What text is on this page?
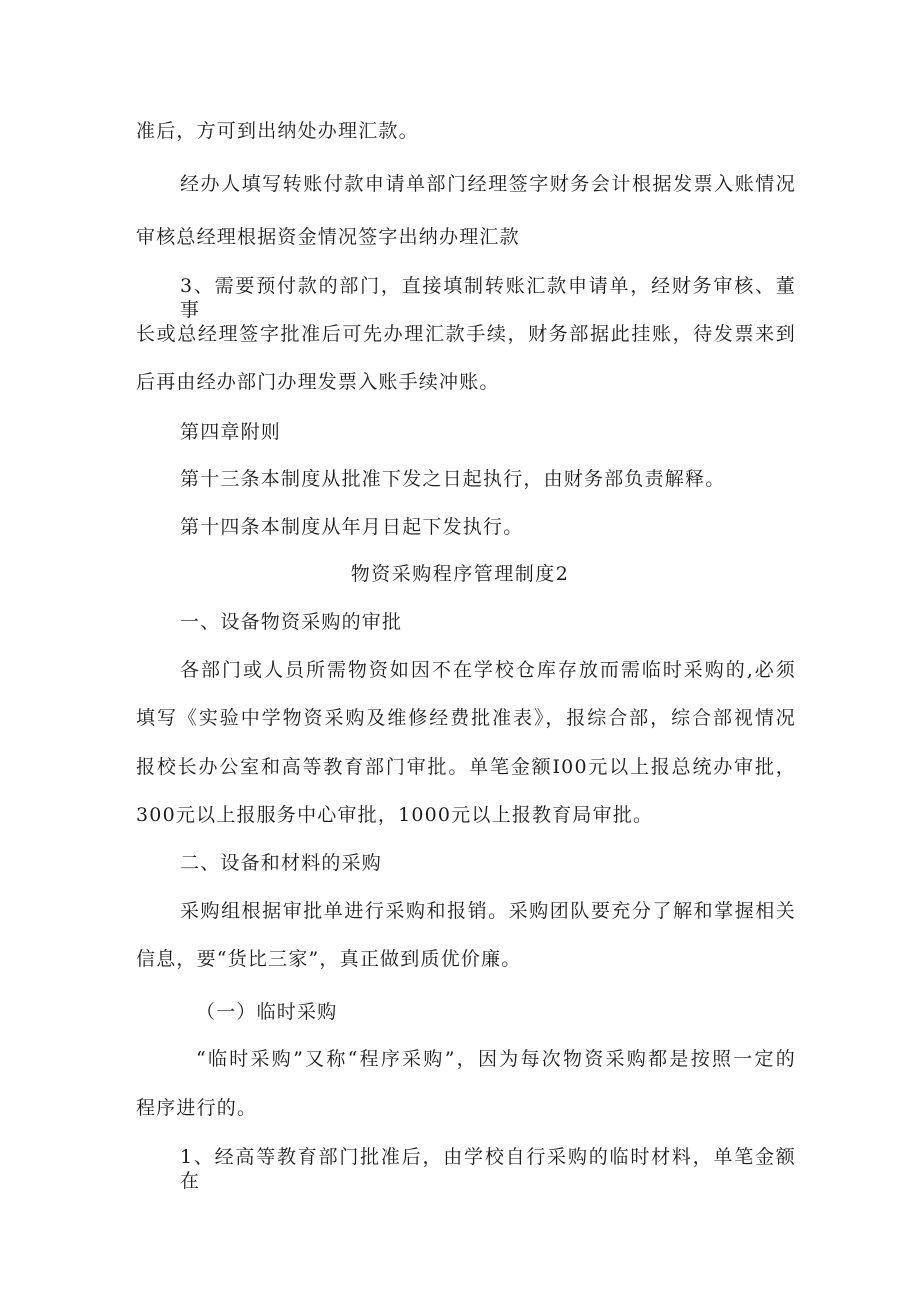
准后，方可到出纳处办理汇款。
经办人填写转账付款申请单部门经理签字财务会计根据发票入账情况
审核总经理根据资金情况签字出纳办理汇款
3、需要预付款的部门，直接填制转账汇款申请单，经财务审核、董事
长或总经理签字批准后可先办理汇款手续，财务部据此挂账，待发票来到
后再由经办部门办理发票入账手续冲账。
第四章附则
第十三条本制度从批准下发之日起执行，由财务部负责解释。
第十四条本制度从年月日起下发执行。
物资采购程序管理制度2
一、设备物资采购的审批
各部门或人员所需物资如因不在学校仓库存放而需临时采购的,必须
填写《实验中学物资采购及维修经费批准表》，报综合部，综合部视情况
报校长办公室和高等教育部门审批。单笔金额I00元以上报总统办审批，
300元以上报服务中心审批，1000元以上报教育局审批。
二、设备和材料的采购
采购组根据审批单进行采购和报销。采购团队要充分了解和掌握相关
信息，要“货比三家”，真正做到质优价廉。
（一）临时采购
“临时采购”又称“程序采购”，因为每次物资采购都是按照一定的
程序进行的。
1、经高等教育部门批准后，由学校自行采购的临时材料，单笔金额在
